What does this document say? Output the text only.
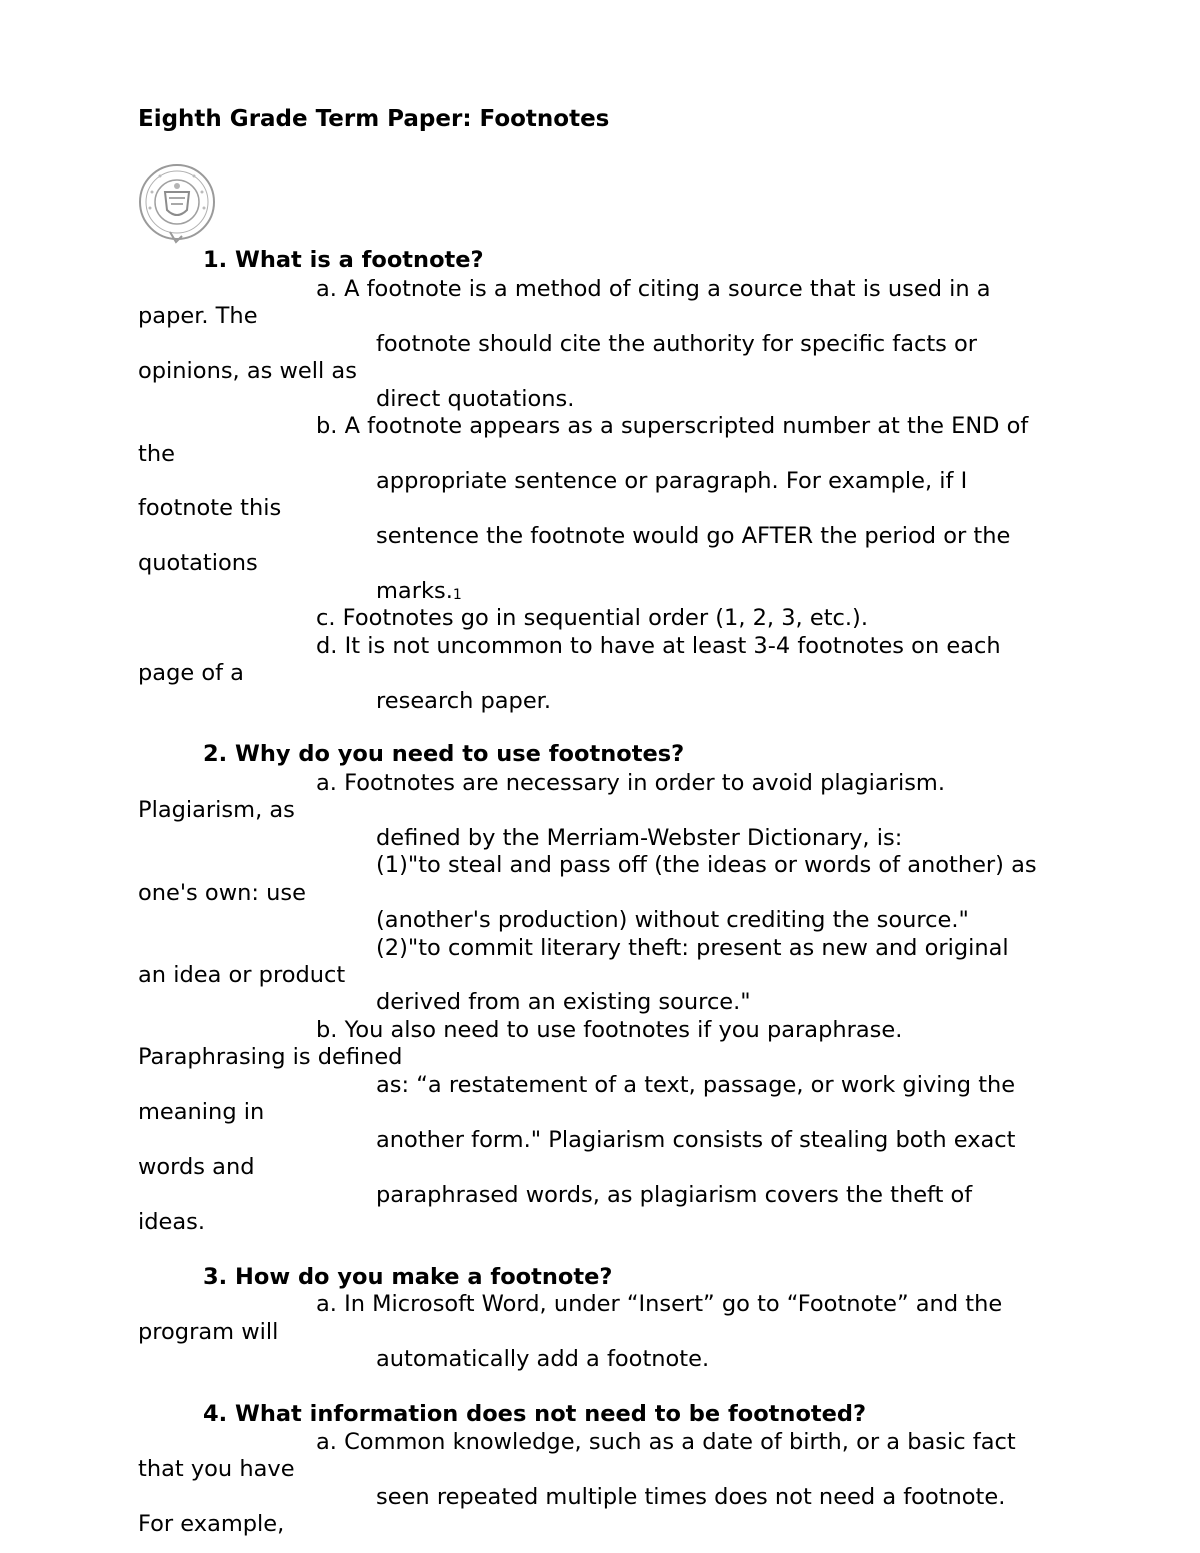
Eighth Grade Term Paper: Footnotes
1. What is a footnote?
a. A footnote is a method of citing a source that is used in a
paper. The
footnote should cite the authority for specific facts or
opinions, as well as
direct quotations.
b. A footnote appears as a superscripted number at the END of
the
appropriate sentence or paragraph. For example, if I
footnote this
sentence the footnote would go AFTER the period or the
quotations
marks.1
c. Footnotes go in sequential order (1, 2, 3, etc.).
d. It is not uncommon to have at least 3-4 footnotes on each
page of a
research paper.
2. Why do you need to use footnotes?
a. Footnotes are necessary in order to avoid plagiarism.
Plagiarism, as
defined by the Merriam-Webster Dictionary, is:
(1)"to steal and pass off (the ideas or words of another) as
one's own: use
(another's production) without crediting the source."
(2)"to commit literary theft: present as new and original
an idea or product
derived from an existing source."
b. You also need to use footnotes if you paraphrase.
Paraphrasing is defined
as: “a restatement of a text, passage, or work giving the
meaning in
another form." Plagiarism consists of stealing both exact
words and
paraphrased words, as plagiarism covers the theft of
ideas.
3. How do you make a footnote?
a. In Microsoft Word, under “Insert” go to “Footnote” and the
program will
automatically add a footnote.
4. What information does not need to be footnoted?
a. Common knowledge, such as a date of birth, or a basic fact
that you have
seen repeated multiple times does not need a footnote.
For example,
